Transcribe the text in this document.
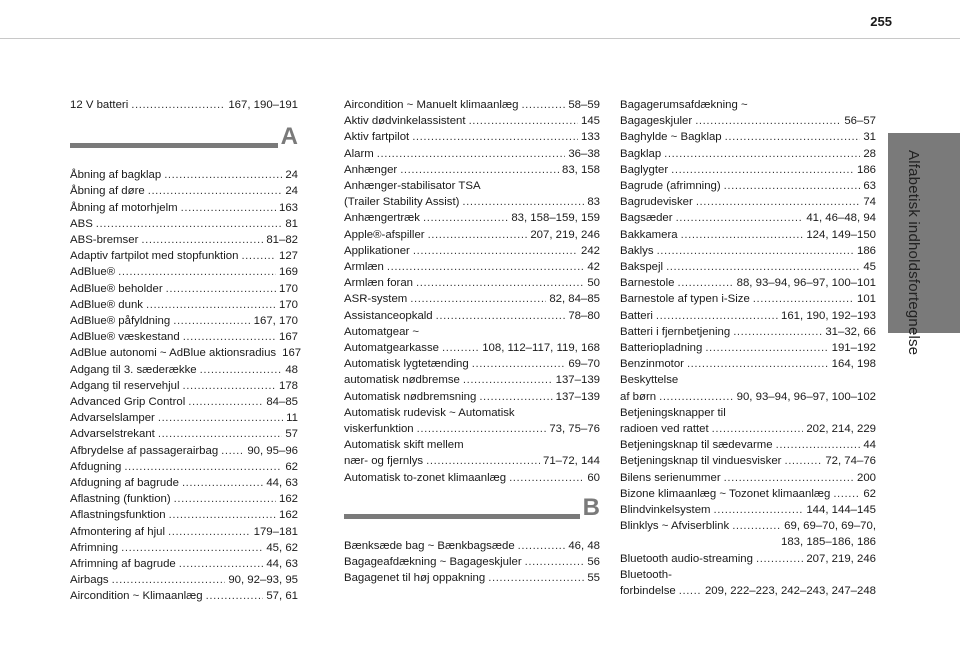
255
Alfabetisk indholdsfortegnelse
12 V batteri . . .	167, 190–191
A
Åbning af bagklap . . .	24
Åbning af døre . . .	24
Åbning af motorhjelm . . .	163
ABS . . .	81
ABS-bremser . . .	81–82
Adaptiv fartpilot med stopfunktion . . .	127
AdBlue® . . .	169
AdBlue® beholder . . .	170
AdBlue® dunk . . .	170
AdBlue® påfyldning . . .	167, 170
AdBlue® væskestand . . .	167
AdBlue autonomi ~ AdBlue aktionsradius 167
Adgang til 3. sæderække . . .	48
Adgang til reservehjul . . .	178
Advanced Grip Control . . .	84–85
Advarselslamper . . .	11
Advarselstrekant . . .	57
Afbrydelse af passagerairbag . . .	90, 95–96
Afdugning . . .	62
Afdugning af bagrude . . .	44, 63
Aflastning (funktion) . . .	162
Aflastningsfunktion . . .	162
Afmontering af hjul . . .	179–181
Afrimning . . .	45, 62
Afrimning af bagrude . . .	44, 63
Airbags . . .	90, 92–93, 95
Aircondition ~ Klimaanlæg . . .	57, 61
Aircondition ~ Manuelt klimaanlæg . . .	58–59
Aktiv dødvinkelassistent . . .	145
Aktiv fartpilot . . .	133
Alarm . . .	36–38
Anhænger . . .	83, 158
Anhænger-stabilisator TSA
(Trailer Stability Assist) . . .	83
Anhængertræk . . .	83, 158–159, 159
Apple®-afspiller . . .	207, 219, 246
Applikationer . . .	242
Armlæn . . .	42
Armlæn foran . . .	50
ASR-system . . .	82, 84–85
Assistanceopkald . . .	78–80
Automatgear ~
Automatgearkasse . . .	108, 112–117, 119, 168
Automatisk lygtetænding . . .	69–70
automatisk nødbremse . . .	137–139
Automatisk nødbremsning . . .	137–139
Automatisk rudevisk ~ Automatisk
viskerfunktion . . .	73, 75–76
Automatisk skift mellem
nær- og fjernlys . . .	71–72, 144
Automatisk to-zonet klimaanlæg . . .	60
B
Bænksæde bag ~ Bænkbagsæde . . .	46, 48
Bagageafdækning ~ Bagageskjuler . . .	56
Bagagenet til høj oppakning . . .	55
Bagagerumsafdækning ~
Bagageskjuler . . .	56–57
Baghylde ~ Bagklap . . .	31
Bagklap . . .	28
Baglygter . . .	186
Bagrude (afrimning) . . .	63
Bagrudevisker . . .	74
Bagsæder . . .	41, 46–48, 94
Bakkamera . . .	124, 149–150
Baklys . . .	186
Bakspejl . . .	45
Barnestole . . .	88, 93–94, 96–97, 100–101
Barnestole af typen i-Size . . .	101
Batteri . . .	161, 190, 192–193
Batteri i fjernbetjening . . .	31–32, 66
Batteriopladning . . .	191–192
Benzinmotor . . .	164, 198
Beskyttelse
af børn . . .	90, 93–94, 96–97, 100–102
Betjeningsknapper til
radioen ved rattet . . .	202, 214, 229
Betjeningsknap til sædevarme . . .	44
Betjeningsknap til vinduesvisker . . .	72, 74–76
Bilens serienummer . . .	200
Bizone klimaanlæg ~ Tozonet klimaanlæg . . .	62
Blindvinkelsystem . . .	144, 144–145
Blinklys ~ Afviserblink . . .	69, 69–70, 69–70,
183, 185–186, 186
Bluetooth audio-streaming . . .	207, 219, 246
Bluetooth-
forbindelse . . .	209, 222–223, 242–243, 247–248
